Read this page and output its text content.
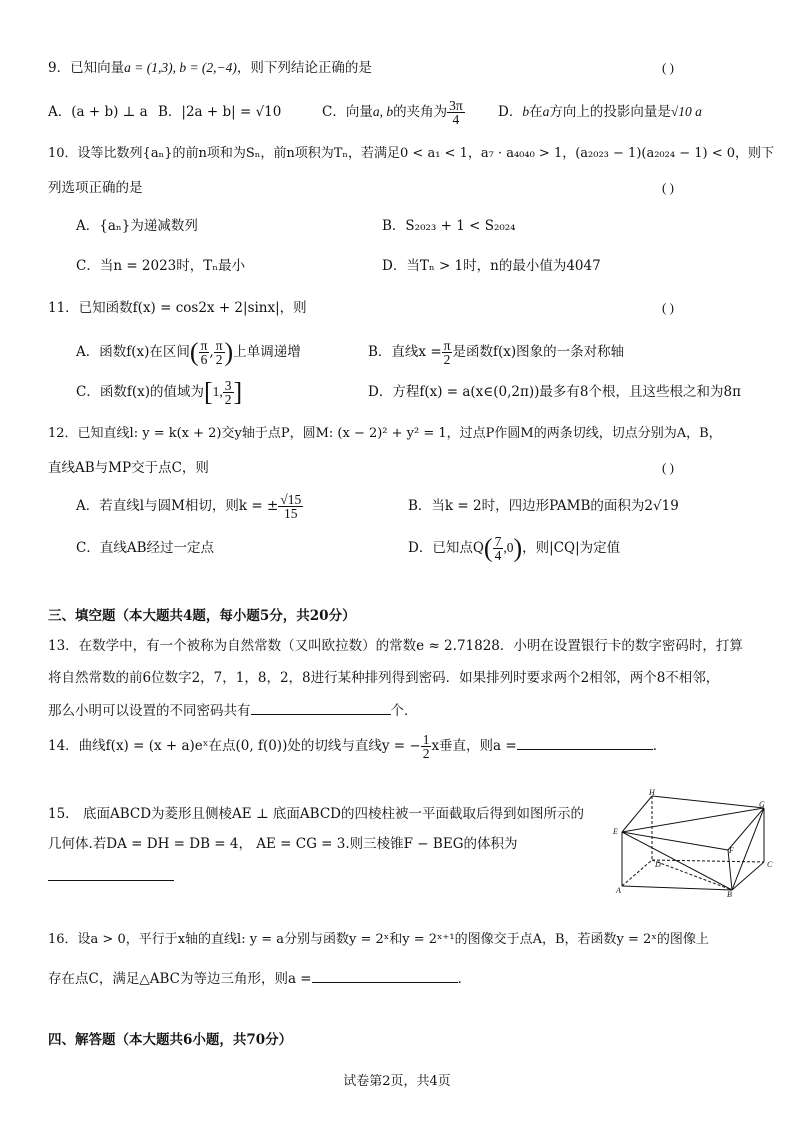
9．已知向量a = (1,3), b = (2,−4)，则下列结论正确的是	( )
A．(a + b) ⊥ a B．|2a + b| = √10	C．向量a, b的夹角为 $\frac{3\pi}{4}$ D．b在a方向上的投影向量是√10 a
10．设等比数列{aₙ}的前n项和为Sₙ，前n项积为Tₙ，若满足0 < a₁ < 1，a₇ · a₄₀₄₀ > 1，(a₂₀₂₃ − 1)(a₂₀₂₄ − 1) < 0，则下
列选项正确的是	( )
A．{aₙ}为递减数列	B．S₂₀₂₃ + 1 < S₂₀₂₄
C．当n = 2023时，Tₙ最小	D．当Tₙ > 1时，n的最小值为4047
11．已知函数f(x) = cos2x + 2|sinx|，则	( )
A．函数f(x)在区间( $\frac{\pi}{6}$ , $\frac{\pi}{2}$ )上单调递增	B．直线$x = \frac{\pi}{2}$ 是函数f(x)图象的一条对称轴
C．函数f(x)的值域为[1, $\frac{3}{2}$ ]	D．方程f(x) = a(x∈(0,2π))最多有8个根，且这些根之和为8π
12．已知直线l: y = k(x + 2)交y轴于点P，圆M: (x − 2)² + y² = 1，过点P作圆M的两条切线，切点分别为A，B，
直线AB与MP交于点C，则	( )
A．若直线l与圆M相切，则k = ± $\frac{√15}{15}$	B．当k = 2时，四边形PAMB的面积为2√19
C．直线AB经过一定点	D．已知点$Q( \frac{7}{4} ,0)$，则|CQ|为定值
三、填空题（本大题共4题，每小题5分，共20分）
13．在数学中，有一个被称为自然常数（又叫欧拉数）的常数e ≈ 2.71828．小明在设置银行卡的数字密码时，打算
将自然常数的前6位数字2，7，1，8，2，8进行某种排列得到密码．如果排列时要求两个2相邻，两个8不相邻，
那么小明可以设置的不同密码共有	个．
14．曲线f(x) = (x + a)eˣ在点(0, f(0))处的切线与直线y = − $\frac{1}{2}$ x垂直，则a =	．
15． 底面ABCD为菱形且侧棱AE ⊥ 底面ABCD的四棱柱被一平面截取后得到如图所示的
几何体.若DA = DH = DB = 4， AE = CG = 3.则三棱锥F − BEG的体积为
H
G
E
F
D	C
A	B
16．设a > 0，平行于x轴的直线l: y = a分别与函数y = 2ˣ和y = 2ˣ⁺¹的图像交于点A，B，若函数y = 2ˣ的图像上
存在点C，满足△ABC为等边三角形，则a =	．
四、解答题（本大题共6小题，共70分）
试卷第2页，共4页
